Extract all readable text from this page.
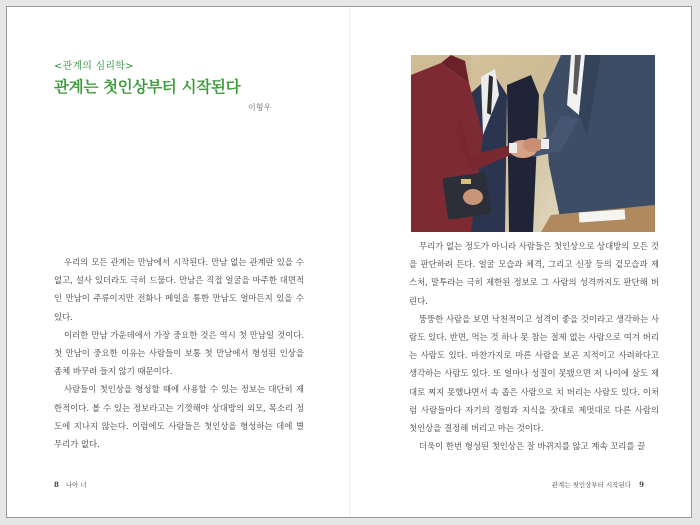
<관계의 심리학>
관계는 첫인상부터 시작된다
이형우

우리의 모든 관계는 만남에서 시작된다. 만남 없는 관계란 있을 수 없고, 설사 있더라도 극히 드물다. 만남은 직접 얼굴을 마주한 대면적인 만남이 주류이지만 전화나 메일을 통한 만남도 얼마든지 있을 수 있다.

이러한 만남 가운데에서 가장 중요한 것은 역시 첫 만남일 것이다. 첫 만남이 중요한 이유는 사람들이 보통 첫 만남에서 형성된 인상을 좀체 바꾸려 들지 않기 때문이다.

사람들이 첫인상을 형성할 때에 사용할 수 있는 정보는 대단히 제한적이다. 볼 수 있는 정보라고는 기껏해야 상대방의 외모, 목소리 정도에 지나지 않는다. 이럼에도 사람들은 첫인상을 형성하는 데에 별 무리가 없다.

8 나아 너

무리가 없는 정도가 아니라 사람들은 첫인상으로 상대방의 모든 것을 판단하려 든다. 얼굴 모습과 체격, 그리고 신장 등의 겉모습과 제스처, 말투라는 극히 제한된 정보로 그 사람의 성격까지도 판단해 버린다.

뚱뚱한 사람을 보면 낙천적이고 성격이 좋을 것이라고 생각하는 사람도 있다. 반면, 먹는 것 하나 못 참는 절제 없는 사람으로 여겨 버리는 사람도 있다. 마찬가지로 마른 사람을 보곤 지적이고 사려하다고 생각하는 사람도 있다. 또 얼마나 성질이 못됐으면 저 나이에 살도 제대로 찌지 못했냐면서 속 좁은 사람으로 치 버리는 사람도 있다. 이처럼 사람들마다 자기의 경험과 지식을 잣대로 제멋대로 다른 사람의 첫인상을 결정해 버리고 마는 것이다.

더욱이 한번 형성된 첫인상은 잘 바뀌지를 않고 계속 꼬리를 끌

관계는 첫인상부터 시작된다 9
